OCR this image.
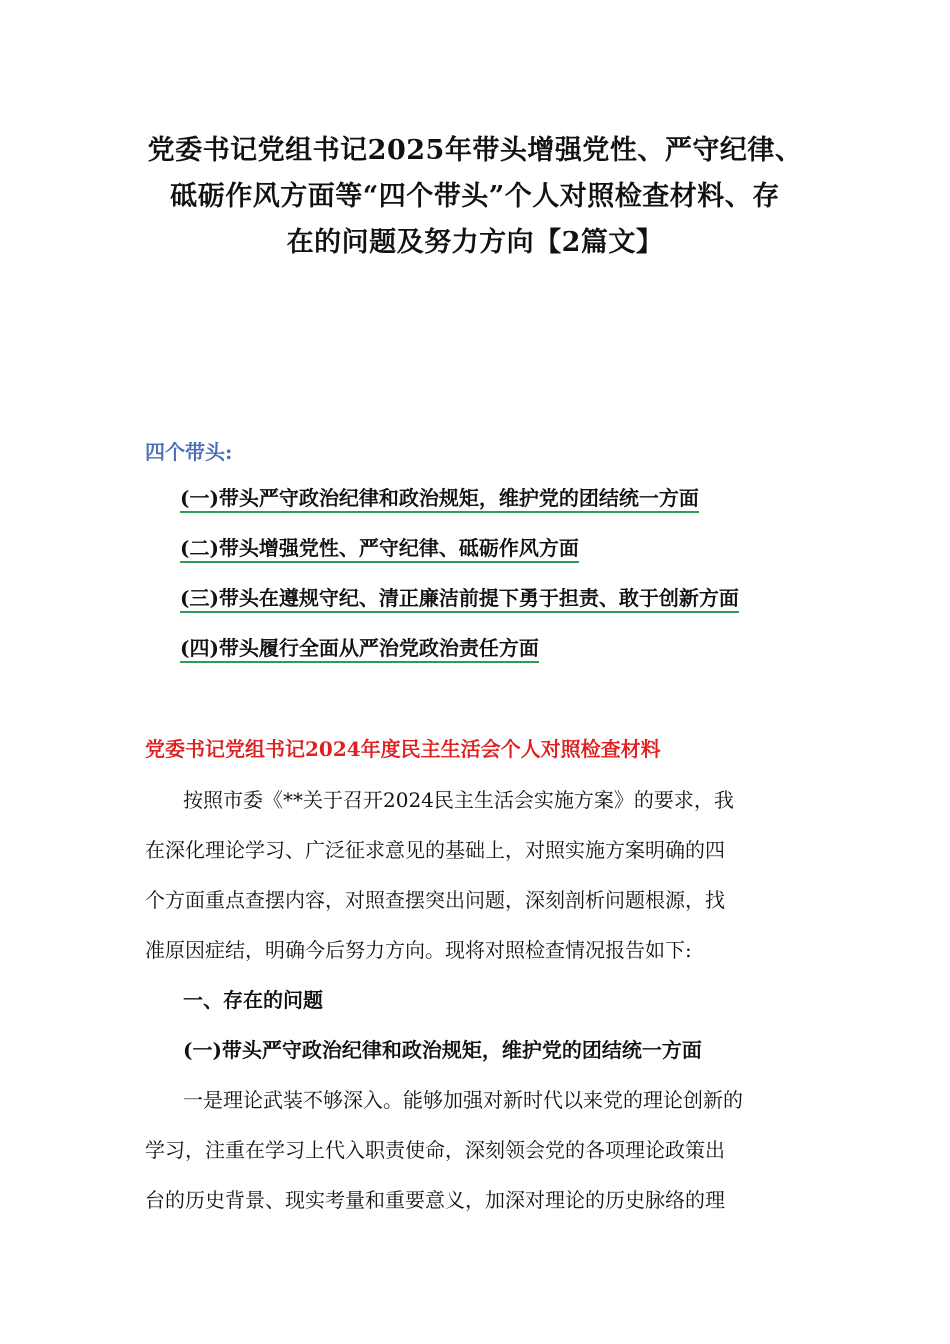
党委书记党组书记2025年带头增强党性、严守纪律、
砥砺作风方面等“四个带头”个人对照检查材料、存
在的问题及努力方向【2篇文】
四个带头:
(一)带头严守政治纪律和政治规矩，维护党的团结统一方面
(二)带头增强党性、严守纪律、砥砺作风方面
(三)带头在遵规守纪、清正廉洁前提下勇于担责、敢于创新方面
(四)带头履行全面从严治党政治责任方面
党委书记党组书记2024年度民主生活会个人对照检查材料
按照市委《**关于召开2024民主生活会实施方案》的要求，我
在深化理论学习、广泛征求意见的基础上，对照实施方案明确的四
个方面重点查摆内容，对照查摆突出问题，深刻剖析问题根源，找
准原因症结，明确今后努力方向。现将对照检查情况报告如下:
一、存在的问题
(一)带头严守政治纪律和政治规矩，维护党的团结统一方面
一是理论武装不够深入。能够加强对新时代以来党的理论创新的
学习，注重在学习上代入职责使命，深刻领会党的各项理论政策出
台的历史背景、现实考量和重要意义，加深对理论的历史脉络的理
